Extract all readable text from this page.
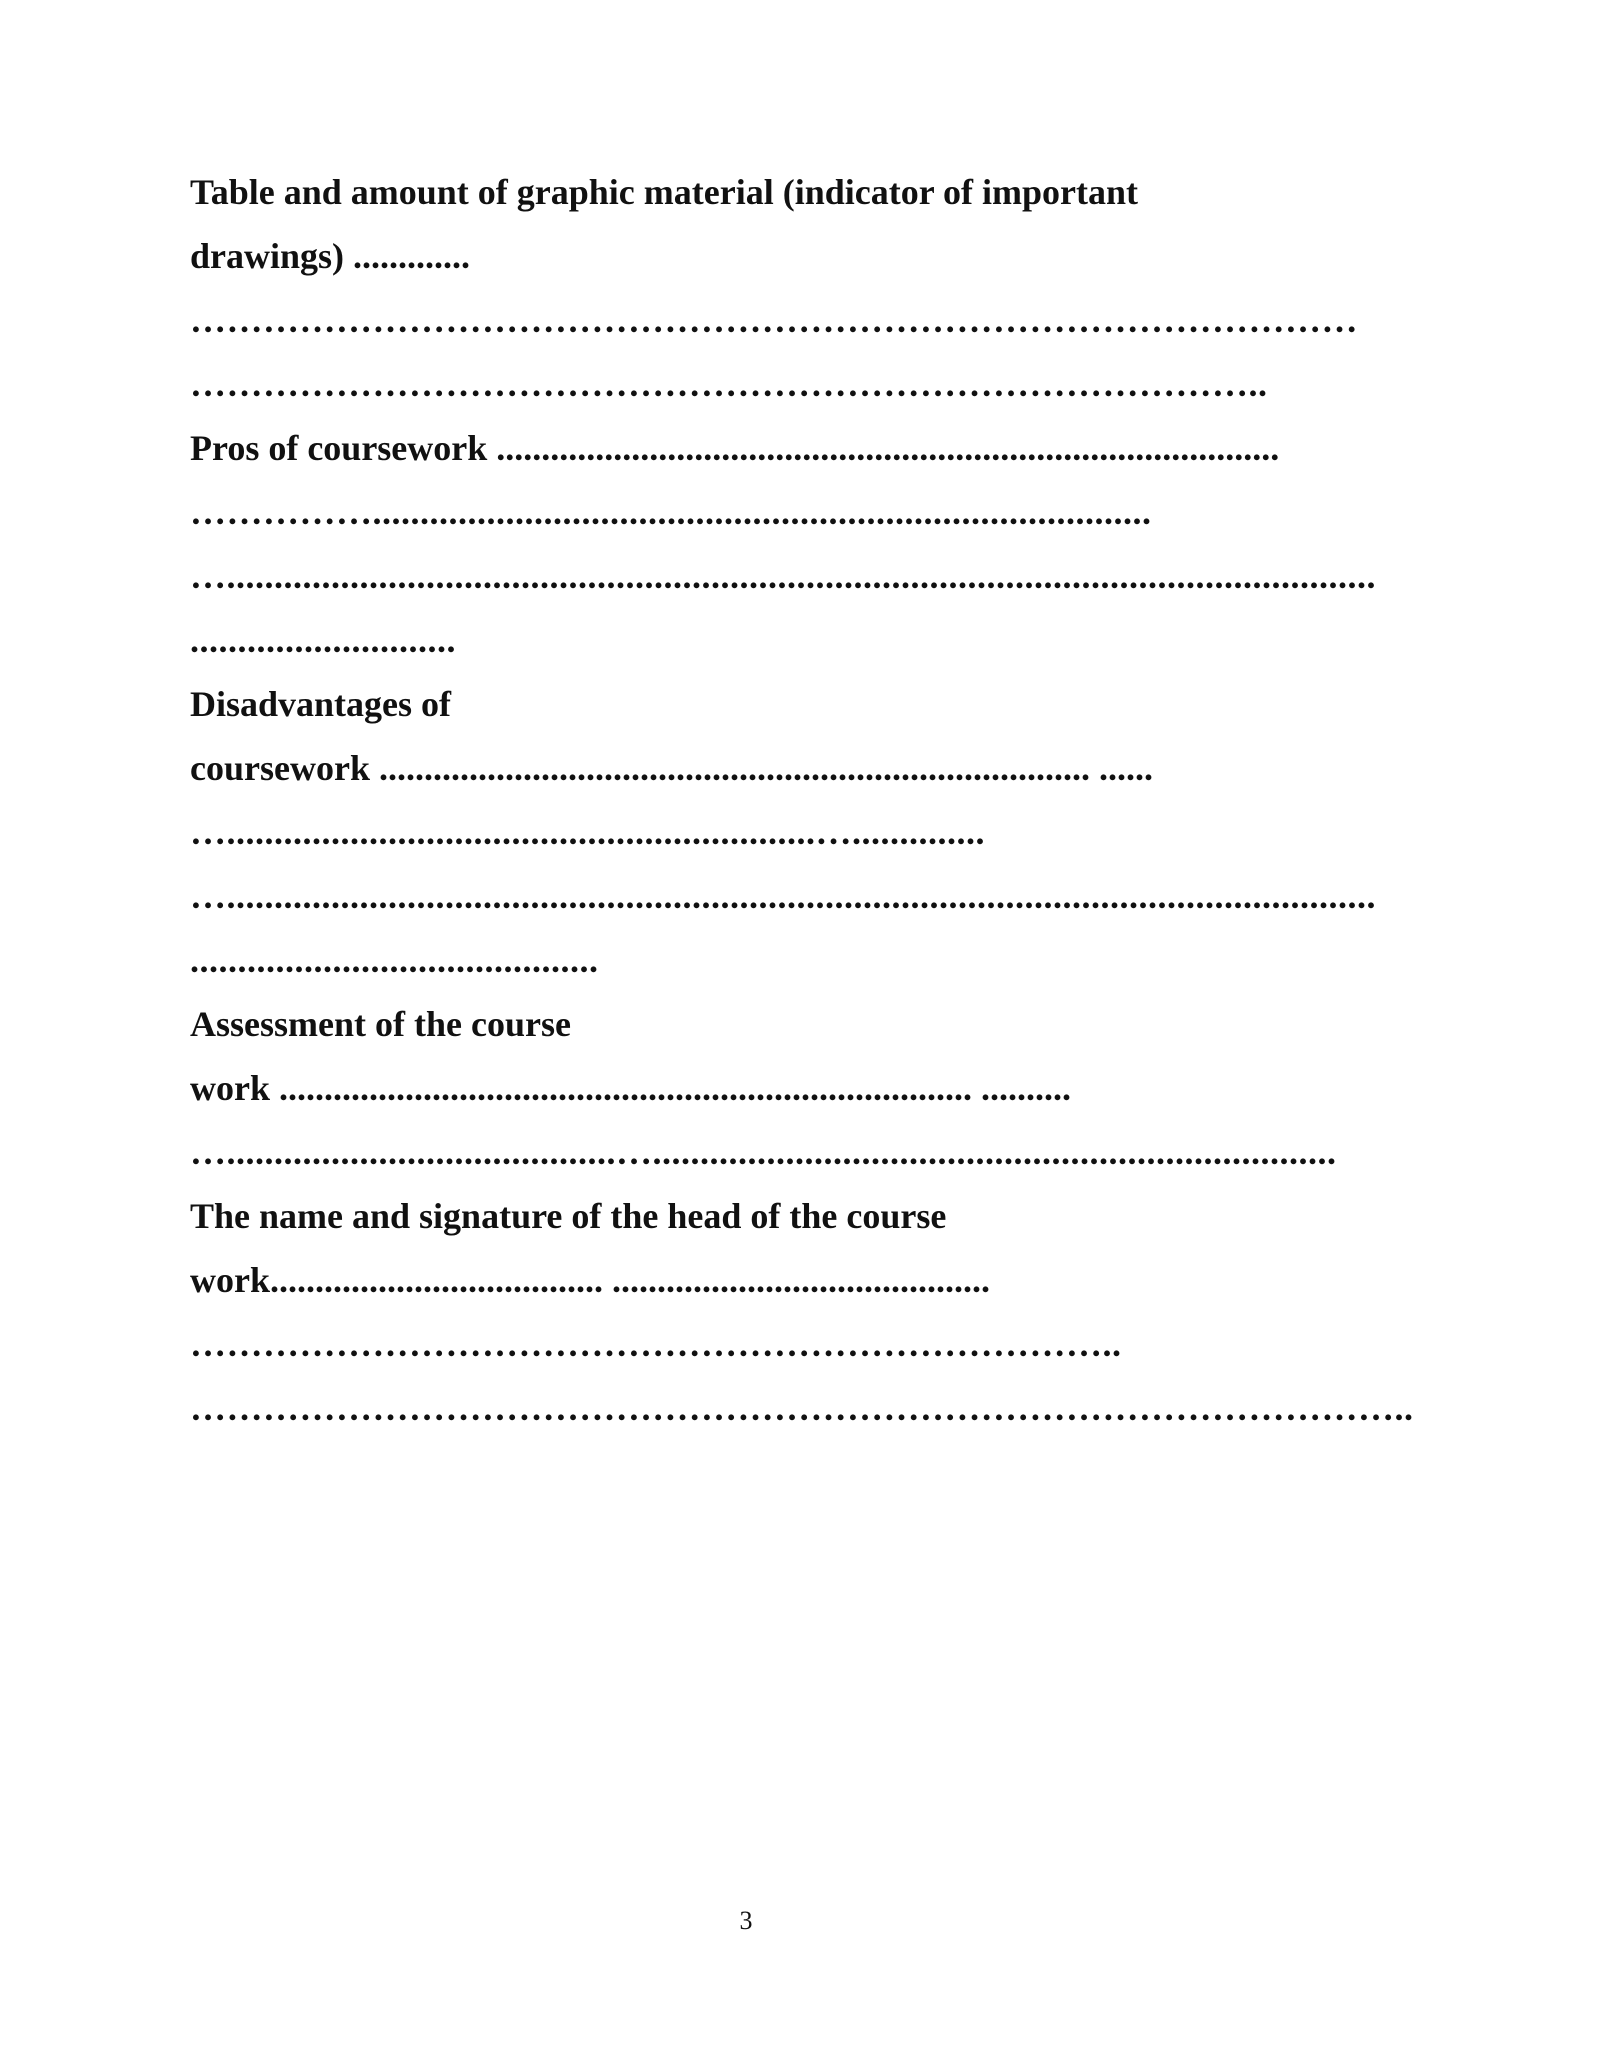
Table and amount of graphic material (indicator of important
drawings) .............
……………………………………………………………………………………
……………………………………………………………………………..
Pros of coursework .......................................................................................
……………..................................................................................
….........................................................................................................................
............................
Disadvantages of
coursework ............................................................................... ......
…..............................................................…..............
….........................................................................................................................
...........................................
Assessment of the course
work ............................................................................. ..........
….........................................…........................................................................
The name and signature of the head of the course
work..................................... ..........................................
…………………………………………………………………..
………………………………………………………………………………………..
3
